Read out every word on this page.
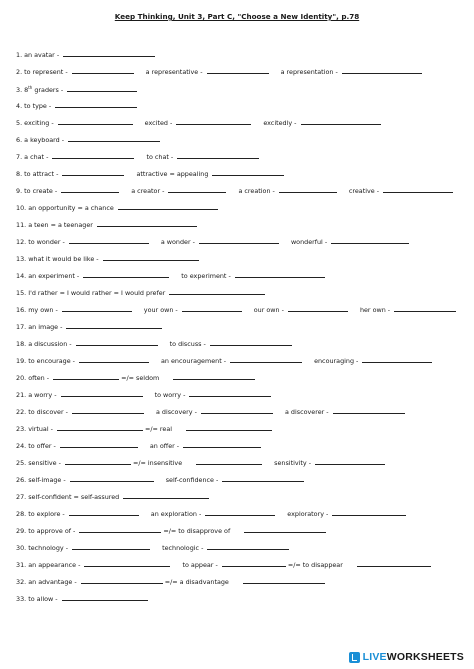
Keep Thinking, Unit 3, Part C, "Choose a New Identity", p.78
1. an avatar -
2. to represent -	a representative -	a representation -
3. 8th graders -
4. to type -
5. exciting -	excited -	excitedly -
6. a keyboard -
7. a chat -	to chat -
8. to attract -	attractive = appealing
9. to create -	a creator -	a creation -	creative -
10. an opportunity = a chance
11. a teen = a teenager
12. to wonder -	a wonder -	wonderful -
13. what it would be like -
14. an experiment -	to experiment -
15. I'd rather = I would rather = I would prefer
16. my own -	your own -	our own -	her own -
17. an image -
18. a discussion -	to discuss -
19. to encourage -	an encouragement -	encouraging -
20. often -	=/= seldom
21. a worry -	to worry -
22. to discover -	a discovery -	a discoverer -
23. virtual -	=/= real
24. to offer -	an offer -
25. sensitive -	=/= insensitive	sensitivity -
26. self-image -	self-confidence -
27. self-confident = self-assured
28. to explore -	an exploration -	exploratory -
29. to approve of -	=/= to disapprove of
30. technology -	technologic -
31. an appearance -	to appear -	=/= to disappear
32. an advantage -	=/= a disadvantage
33. to allow -
LIVEWORKSHEETS
